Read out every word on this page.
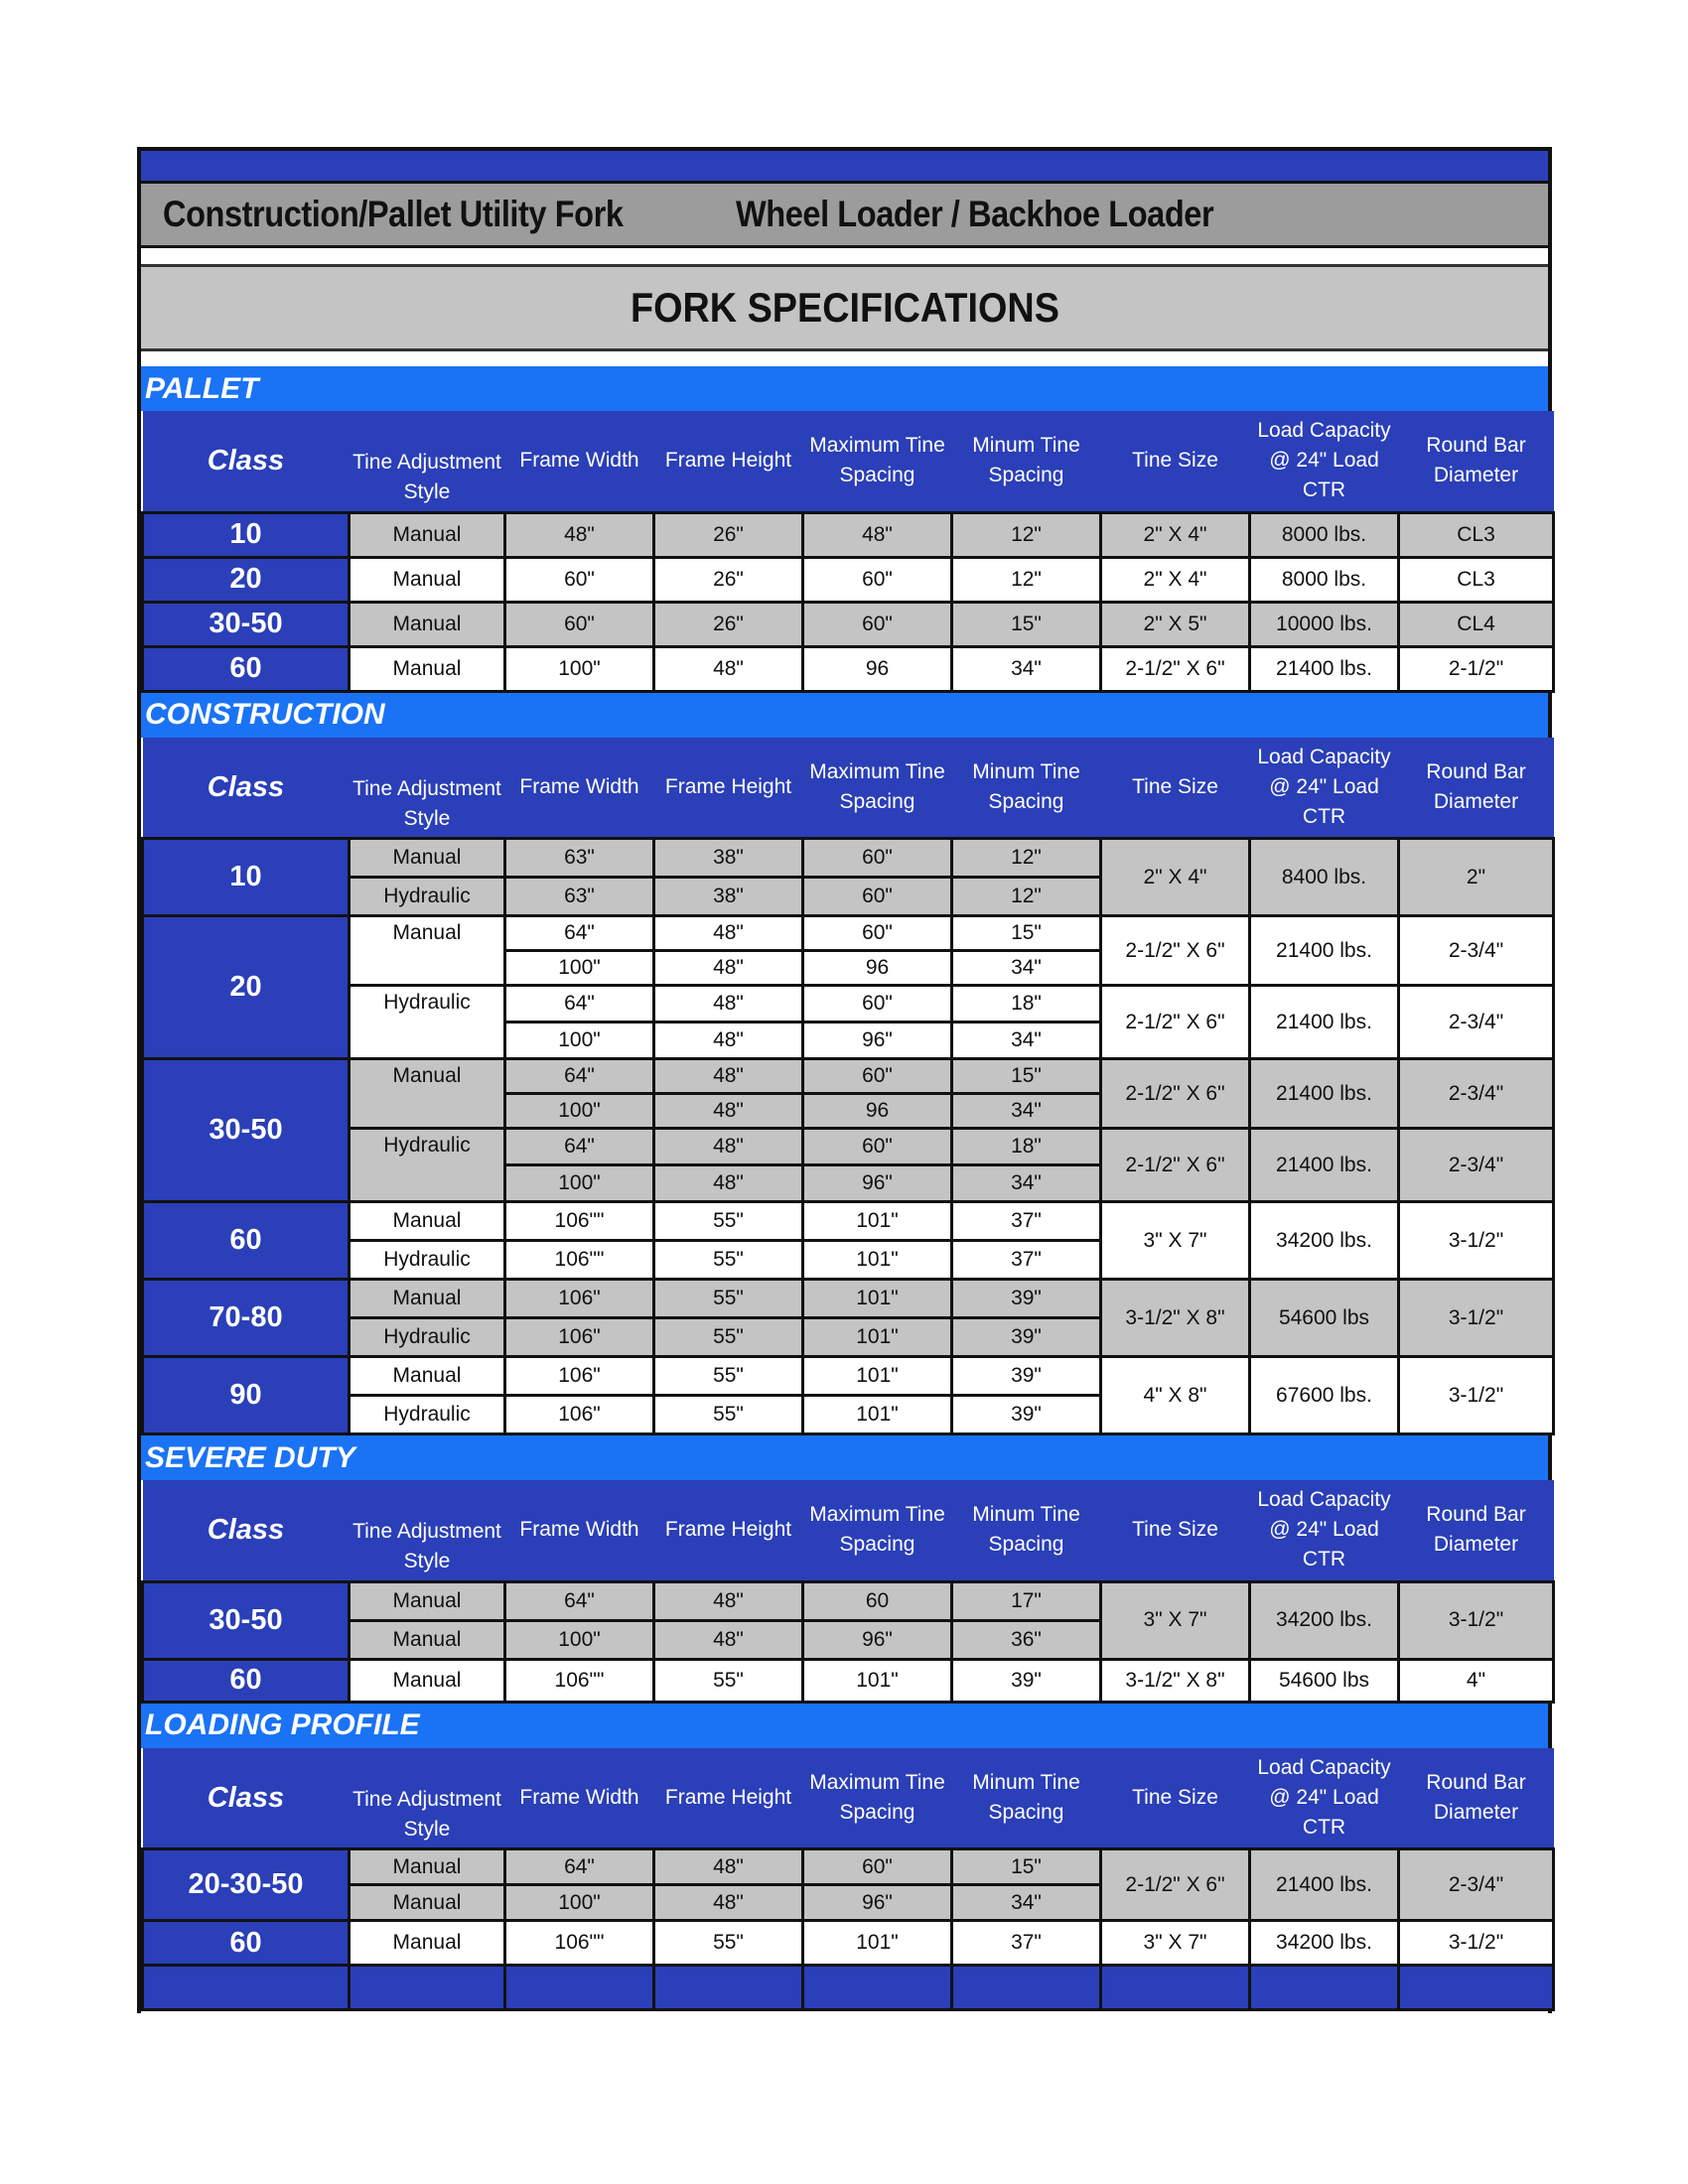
Construction/Pallet Utility Fork	Wheel Loader / Backhoe Loader
FORK SPECIFICATIONS
PALLET
Class	Tine Adjustment Style	Frame Width	Frame Height	Maximum Tine Spacing	Minum Tine Spacing	Tine Size	Load Capacity @ 24" Load CTR	Round Bar Diameter
10	Manual	48"	26"	48"	12"	2" X 4"	8000 lbs.	CL3
20	Manual	60"	26"	60"	12"	2" X 4"	8000 lbs.	CL3
30-50	Manual	60"	26"	60"	15"	2" X 5"	10000 lbs.	CL4
60	Manual	100"	48"	96	34"	2-1/2" X 6"	21400 lbs.	2-1/2"
CONSTRUCTION
Class	Tine Adjustment Style	Frame Width	Frame Height	Maximum Tine Spacing	Minum Tine Spacing	Tine Size	Load Capacity @ 24" Load CTR	Round Bar Diameter
10	Manual	63"	38"	60"	12"	2" X 4"	8400 lbs.	2"
	Hydraulic	63"	38"	60"	12"			
20	Manual	64"	48"	60"	15"	2-1/2" X 6"	21400 lbs.	2-3/4"
		100"	48"	96	34"			
	Hydraulic	64"	48"	60"	18"	2-1/2" X 6"	21400 lbs.	2-3/4"
		100"	48"	96"	34"			
30-50	Manual	64"	48"	60"	15"	2-1/2" X 6"	21400 lbs.	2-3/4"
		100"	48"	96	34"			
	Hydraulic	64"	48"	60"	18"	2-1/2" X 6"	21400 lbs.	2-3/4"
		100"	48"	96"	34"			
60	Manual	106""	55"	101"	37"	3" X 7"	34200 lbs.	3-1/2"
	Hydraulic	106""	55"	101"	37"			
70-80	Manual	106"	55"	101"	39"	3-1/2" X 8"	54600 lbs	3-1/2"
	Hydraulic	106"	55"	101"	39"			
90	Manual	106"	55"	101"	39"	4" X 8"	67600 lbs.	3-1/2"
	Hydraulic	106"	55"	101"	39"			
SEVERE DUTY
Class	Tine Adjustment Style	Frame Width	Frame Height	Maximum Tine Spacing	Minum Tine Spacing	Tine Size	Load Capacity @ 24" Load CTR	Round Bar Diameter
30-50	Manual	64"	48"	60	17"	3" X 7"	34200 lbs.	3-1/2"
	Manual	100"	48"	96"	36"			
60	Manual	106""	55"	101"	39"	3-1/2" X 8"	54600 lbs	4"
LOADING PROFILE
Class	Tine Adjustment Style	Frame Width	Frame Height	Maximum Tine Spacing	Minum Tine Spacing	Tine Size	Load Capacity @ 24" Load CTR	Round Bar Diameter
20-30-50	Manual	64"	48"	60"	15"	2-1/2" X 6"	21400 lbs.	2-3/4"
	Manual	100"	48"	96"	34"			
60	Manual	106""	55"	101"	37"	3" X 7"	34200 lbs.	3-1/2"
